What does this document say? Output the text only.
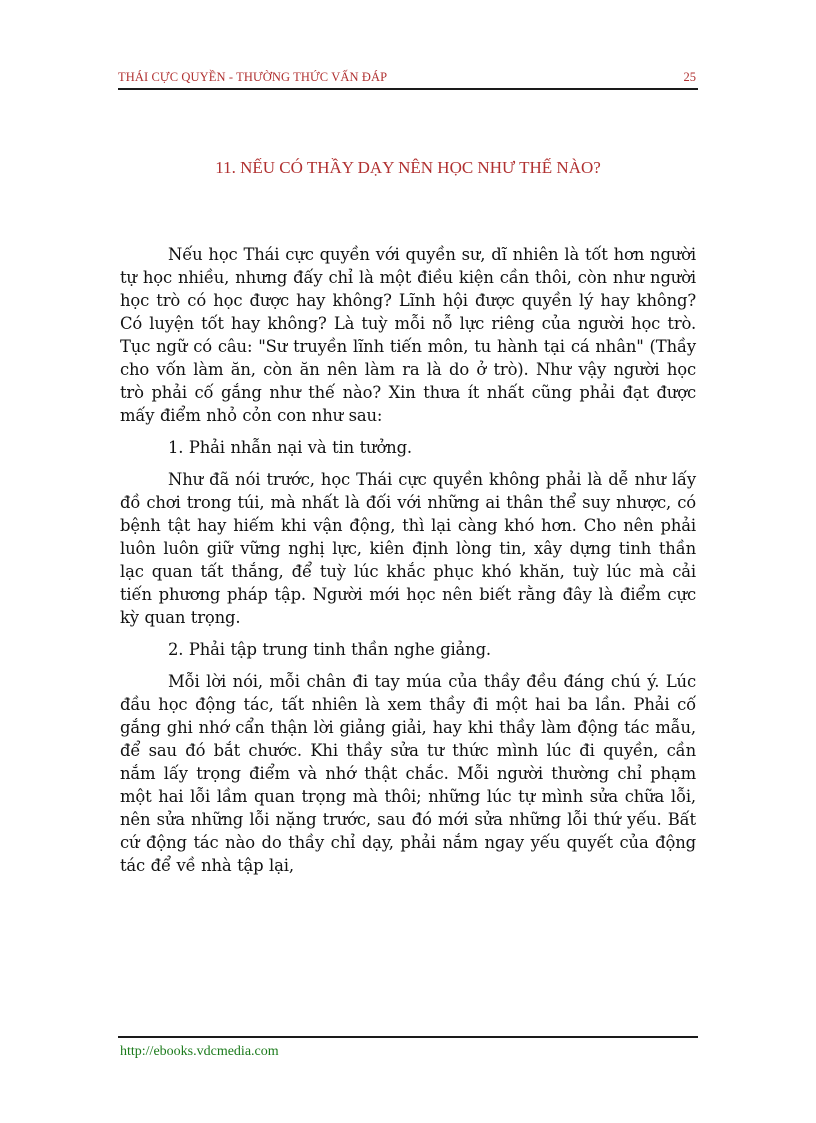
THÁI CỰC QUYỀN - THƯỜNG THỨC VẤN ĐÁP	25
11. NẾU CÓ THẦY DẠY NÊN HỌC NHƯ THẾ NÀO?

Nếu học Thái cực quyền với quyền sư, dĩ nhiên là tốt hơn người tự học nhiều, nhưng đấy chỉ là một điều kiện cần thôi, còn như người học trò có học được hay không? Lĩnh hội được quyền lý hay không? Có luyện tốt hay không? Là tuỳ mỗi nỗ lực riêng của người học trò. Tục ngữ có câu: "Sư truyền lĩnh tiến môn, tu hành tại cá nhân" (Thầy cho vốn làm ăn, còn ăn nên làm ra là do ở trò). Như vậy người học trò phải cố gắng như thế nào? Xin thưa ít nhất cũng phải đạt được mấy điểm nhỏ cỏn con như sau:

1. Phải nhẫn nại và tin tưởng.

Như đã nói trước, học Thái cực quyền không phải là dễ như lấy đồ chơi trong túi, mà nhất là đối với những ai thân thể suy nhược, có bệnh tật hay hiếm khi vận động, thì lại càng khó hơn. Cho nên phải luôn luôn giữ vững nghị lực, kiên định lòng tin, xây dựng tinh thần lạc quan tất thắng, để tuỳ lúc khắc phục khó khăn, tuỳ lúc mà cải tiến phương pháp tập. Người mới học nên biết rằng đây là điểm cực kỳ quan trọng.

2. Phải tập trung tinh thần nghe giảng.

Mỗi lời nói, mỗi chân đi tay múa của thầy đều đáng chú ý. Lúc đầu học động tác, tất nhiên là xem thầy đi một hai ba lần. Phải cố gắng ghi nhớ cẩn thận lời giảng giải, hay khi thầy làm động tác mẫu, để sau đó bắt chước. Khi thầy sửa tư thức mình lúc đi quyền, cần nắm lấy trọng điểm và nhớ thật chắc. Mỗi người thường chỉ phạm một hai lỗi lầm quan trọng mà thôi; những lúc tự mình sửa chữa lỗi, nên sửa những lỗi nặng trước, sau đó mới sửa những lỗi thứ yếu. Bất cứ động tác nào do thầy chỉ dạy, phải nắm ngay yếu quyết của động tác để về nhà tập lại,

http://ebooks.vdcmedia.com
